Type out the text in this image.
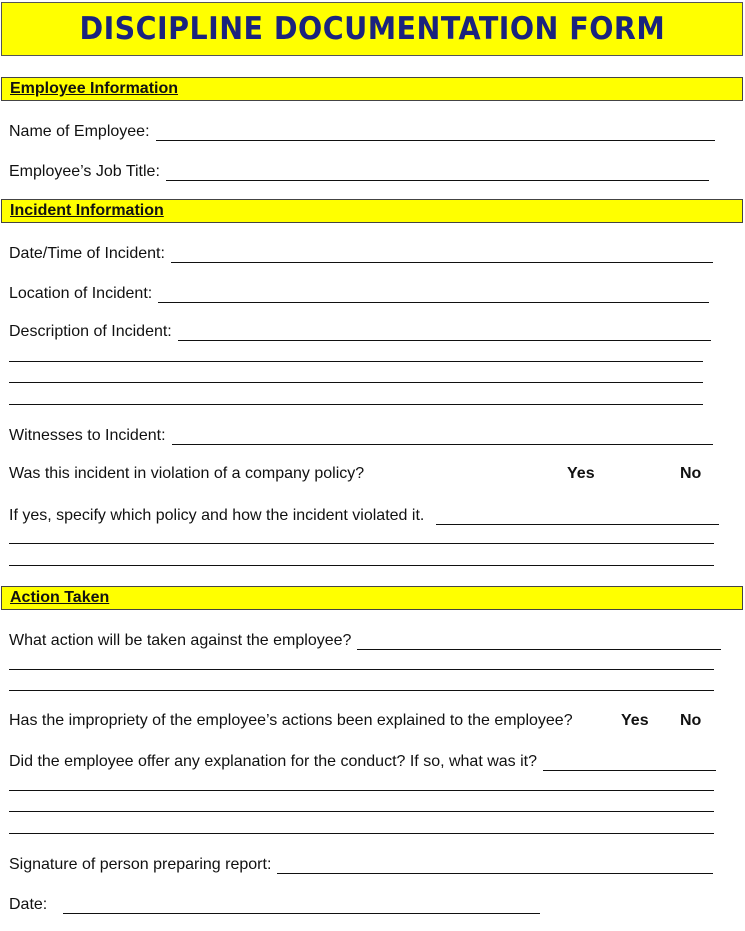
DISCIPLINE DOCUMENTATION FORM
Employee Information
Name of Employee:
Employee’s Job Title:
Incident Information
Date/Time of Incident:
Location of Incident:
Description of Incident:
Witnesses to Incident:
Was this incident in violation of a company policy?	Yes	No
If yes, specify which policy and how the incident violated it.
Action Taken
What action will be taken against the employee?
Has the impropriety of the employee’s actions been explained to the employee?	Yes No
Did the employee offer any explanation for the conduct? If so, what was it?
Signature of person preparing report:
Date:
